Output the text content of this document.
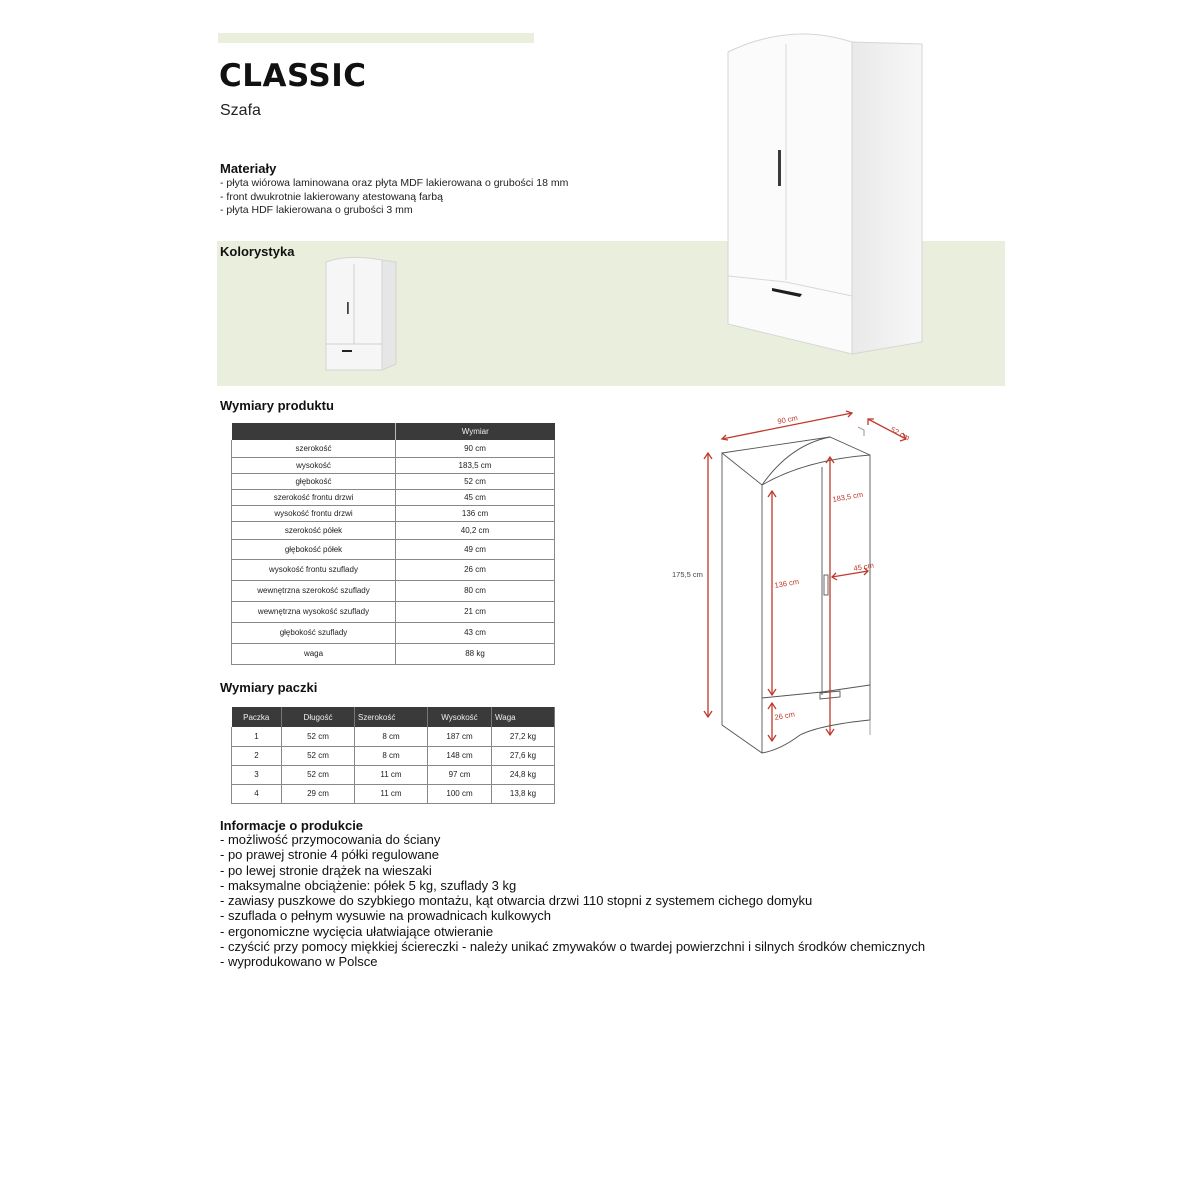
CLASSIC
Szafa
Materiały
- płyta wiórowa laminowana oraz płyta MDF lakierowana o grubości 18 mm
- front dwukrotnie lakierowany atestowaną farbą
- płyta HDF lakierowana o grubości 3 mm
Kolorystyka
Wymiary produktu
	Wymiar
szerokość	90 cm
wysokość	183,5 cm
głębokość	52 cm
szerokość frontu drzwi	45 cm
wysokość frontu drzwi	136 cm
szerokość półek	40,2 cm
głębokość półek	49 cm
wysokość frontu szuflady	26 cm
wewnętrzna szerokość szuflady	80 cm
wewnętrzna wysokość szuflady	21 cm
głębokość szuflady	43 cm
waga	88 kg
Wymiary paczki
Paczka	Długość	Szerokość	Wysokość	Waga
1	52 cm	8 cm	187 cm	27,2 kg
2	52 cm	8 cm	148 cm	27,6 kg
3	52 cm	11 cm	97 cm	24,8 kg
4	29 cm	11 cm	100 cm	13,8 kg
90 cm
52 cm
183,5 cm
175,5 cm
136 cm
45 cm
26 cm
Informacje o produkcie
- możliwość przymocowania do ściany
- po prawej stronie 4 półki regulowane
- po lewej stronie drążek na wieszaki
- maksymalne obciążenie: półek 5 kg, szuflady 3 kg
- zawiasy puszkowe do szybkiego montażu, kąt otwarcia drzwi 110 stopni z systemem cichego domyku
- szuflada o pełnym wysuwie na prowadnicach kulkowych
- ergonomiczne wycięcia ułatwiające otwieranie
- czyścić przy pomocy miękkiej ściereczki - należy unikać zmywaków o twardej powierzchni i silnych środków chemicznych
- wyprodukowano w Polsce
